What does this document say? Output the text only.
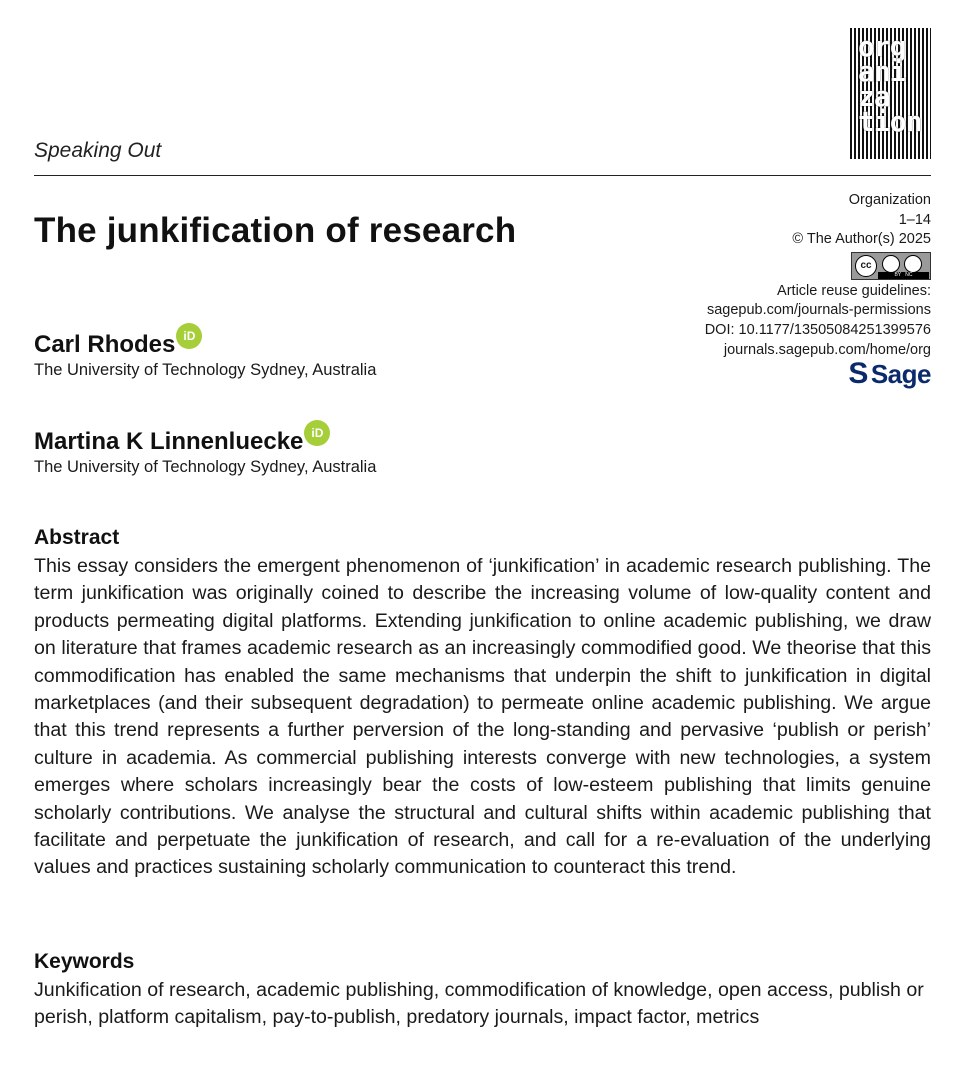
org
ani
za
tion
Speaking Out
The junkification of research
Organization
1–14
© The Author(s) 2025
cc
BY NC
Article reuse guidelines:
sagepub.com/journals-permissions
DOI: 10.1177/13505084251399576
journals.sagepub.com/home/org
S Sage
Carl Rhodes iD
The University of Technology Sydney, Australia
Martina K Linnenluecke iD
The University of Technology Sydney, Australia
Abstract
This essay considers the emergent phenomenon of ‘junkification’ in academic research publishing. The term junkification was originally coined to describe the increasing volume of low-quality content and products permeating digital platforms. Extending junkification to online academic publishing, we draw on literature that frames academic research as an increasingly commodified good. We theorise that this commodification has enabled the same mechanisms that underpin the shift to junkification in digital marketplaces (and their subsequent degradation) to permeate online academic publishing. We argue that this trend represents a further perversion of the long-standing and pervasive ‘publish or perish’ culture in academia. As commercial publishing interests converge with new technologies, a system emerges where scholars increasingly bear the costs of low-esteem publishing that limits genuine scholarly contributions. We analyse the structural and cultural shifts within academic publishing that facilitate and perpetuate the junkification of research, and call for a re-evaluation of the underlying values and practices sustaining scholarly communication to counteract this trend.
Keywords
Junkification of research, academic publishing, commodification of knowledge, open access, publish or perish, platform capitalism, pay-to-publish, predatory journals, impact factor, metrics
